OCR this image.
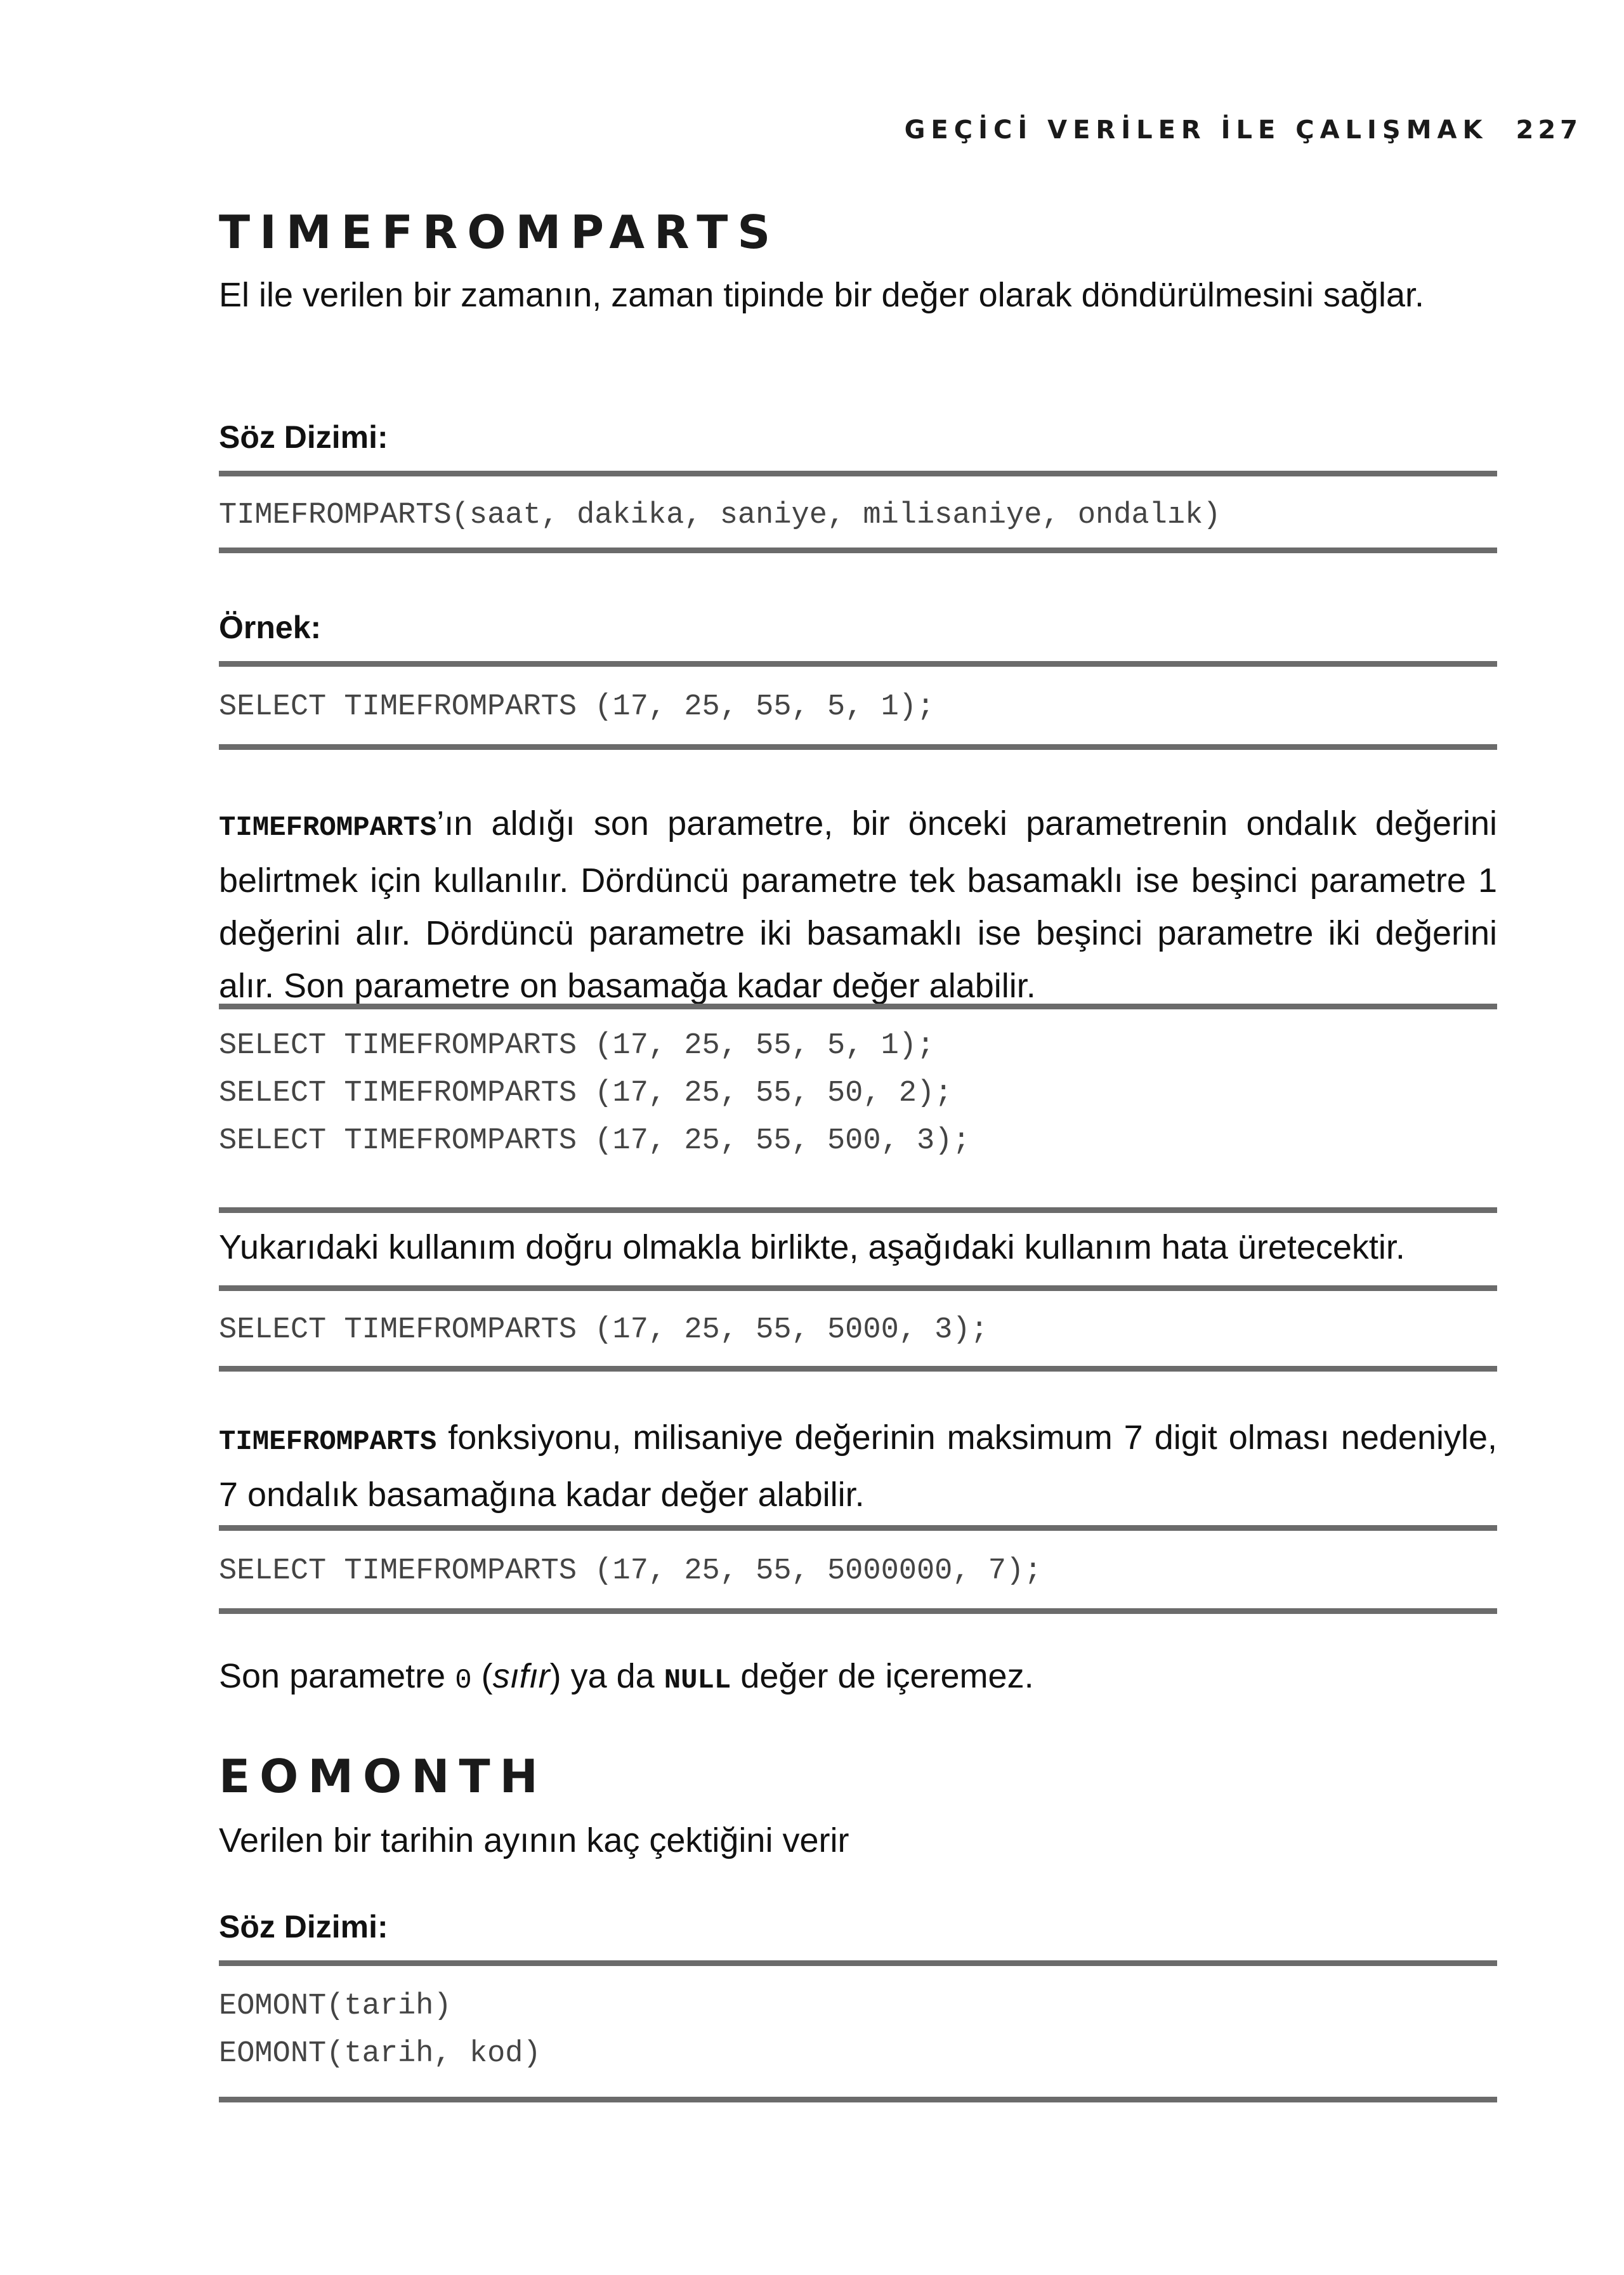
GEÇİCİ VERİLER İLE ÇALIŞMAK 227
TIMEFROMPARTS

El ile verilen bir zamanın, zaman tipinde bir değer olarak döndürülmesini sağlar.

Söz Dizimi:
TIMEFROMPARTS(saat, dakika, saniye, milisaniye, ondalık)
Örnek:
SELECT TIMEFROMPARTS (17, 25, 55, 5, 1);

TIMEFROMPARTS’ın aldığı son parametre, bir önceki parametrenin ondalık değerini belirtmek için kullanılır. Dördüncü parametre tek basamaklı ise beşinci parametre 1 değerini alır. Dördüncü parametre iki basamaklı ise beşinci parametre iki değerini alır. Son parametre on basamağa kadar değer alabilir.

SELECT TIMEFROMPARTS (17, 25, 55, 5, 1);
SELECT TIMEFROMPARTS (17, 25, 55, 50, 2);
SELECT TIMEFROMPARTS (17, 25, 55, 500, 3);

Yukarıdaki kullanım doğru olmakla birlikte, aşağıdaki kullanım hata üretecektir.

SELECT TIMEFROMPARTS (17, 25, 55, 5000, 3);

TIMEFROMPARTS fonksiyonu, milisaniye değerinin maksimum 7 digit olması nedeniyle, 7 ondalık basamağına kadar değer alabilir.

SELECT TIMEFROMPARTS (17, 25, 55, 5000000, 7);

Son parametre 0 (sıfır) ya da NULL değer de içeremez.

EOMONTH

Verilen bir tarihin ayının kaç çektiğini verir

Söz Dizimi:
EOMONT(tarih)
EOMONT(tarih, kod)
